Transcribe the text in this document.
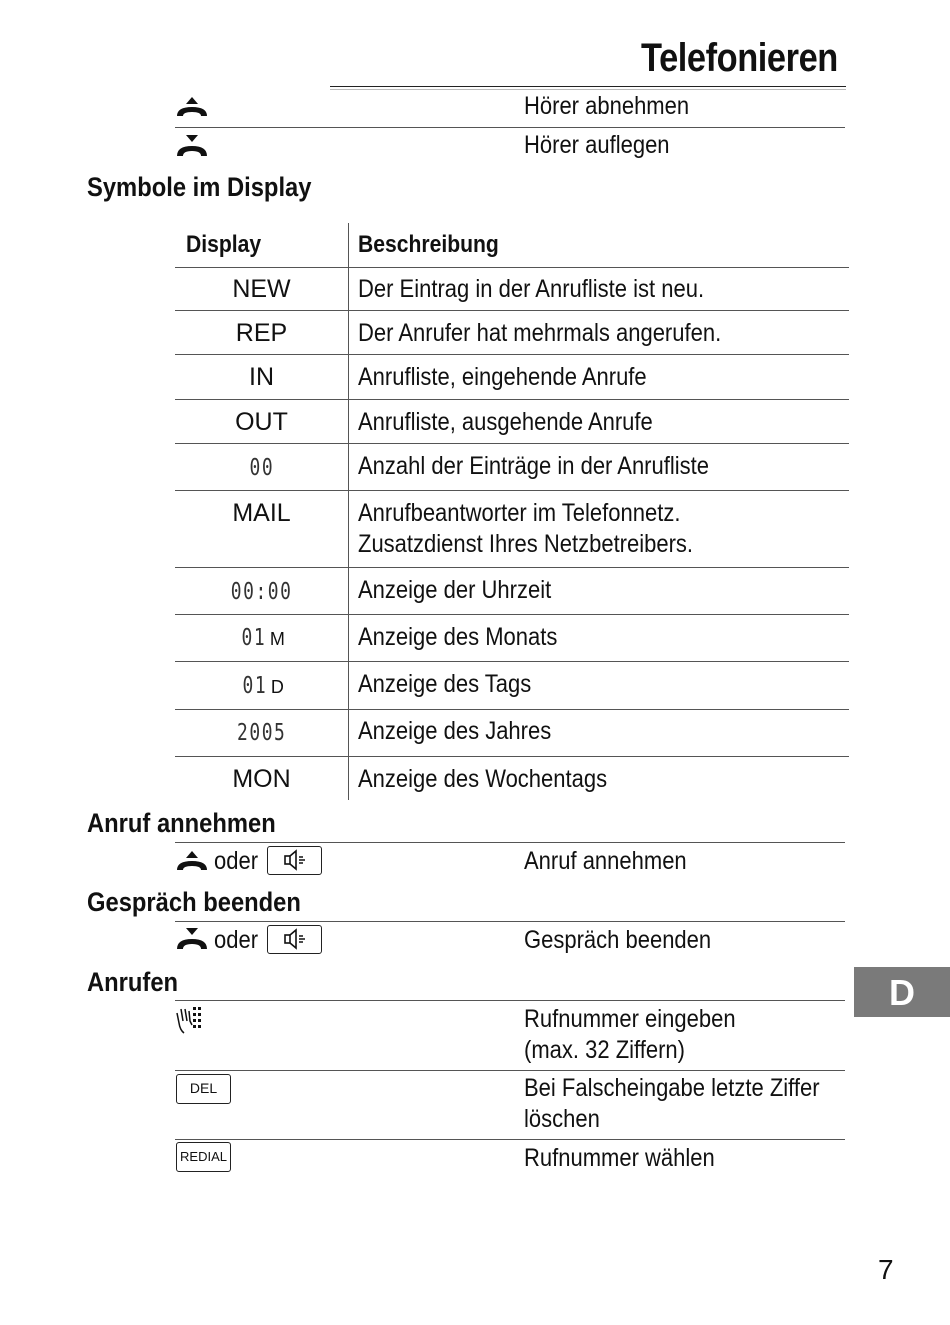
Telefonieren
Hörer abnehmen
Hörer auflegen
Symbole im Display
Display	Beschreibung
NEW	Der Eintrag in der Anrufliste ist neu.
REP	Der Anrufer hat mehrmals angerufen.
IN	Anrufliste, eingehende Anrufe
OUT	Anrufliste, ausgehende Anrufe
00	Anzahl der Einträge in der Anrufliste
MAIL	Anrufbeantworter im Telefonnetz.
Zusatzdienst Ihres Netzbetreibers.
00:00	Anzeige der Uhrzeit
01 M	Anzeige des Monats
01 D	Anzeige des Tags
2005	Anzeige des Jahres
MON	Anzeige des Wochentags
Anruf annehmen
oder	Anruf annehmen
Gespräch beenden
oder	Gespräch beenden
Anrufen
Rufnummer eingeben
(max. 32 Ziffern)
DEL	Bei Falscheingabe letzte Ziffer
löschen
REDIAL	Rufnummer wählen
D
7
